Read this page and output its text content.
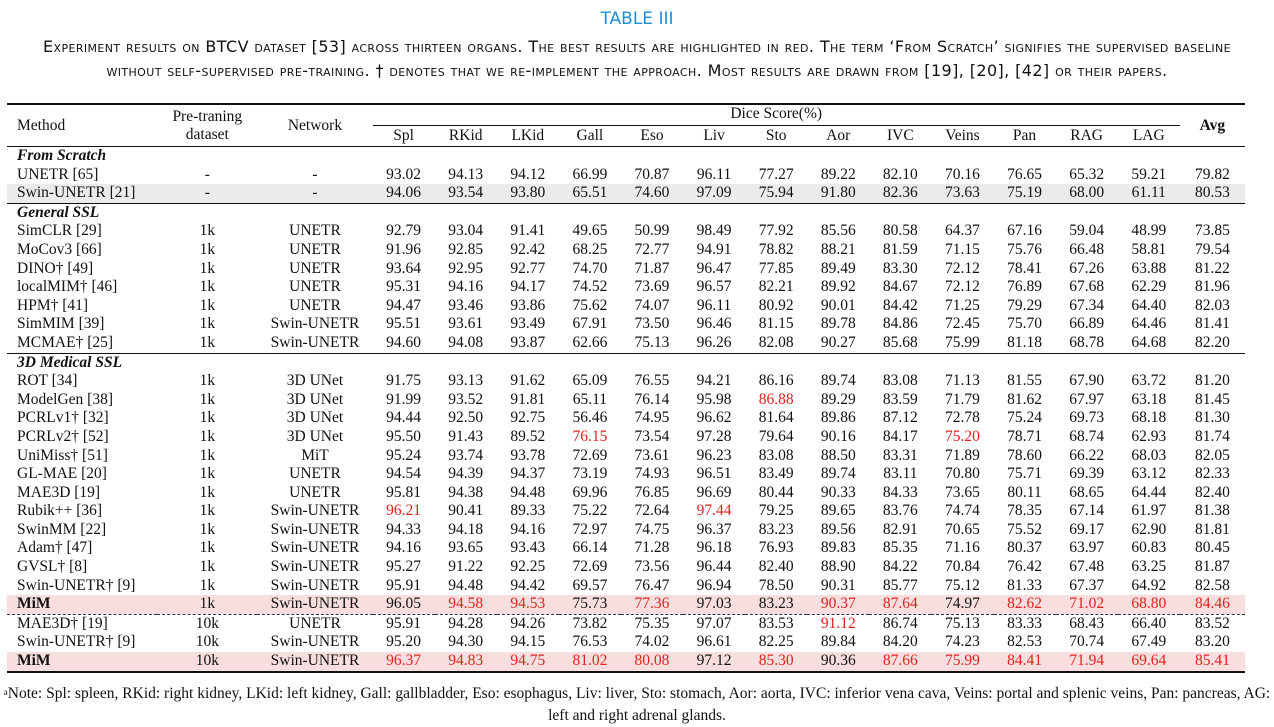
TABLE III
Experiment results on BTCV dataset [53] across thirteen organs. The best results are highlighted in red. The term ‘From Scratch’ signifies the supervised baseline without self-supervised pre-training. † denotes that we re-implement the approach. Most results are drawn from [19], [20], [42] or their papers.
Method	Pre-traning dataset	Network	Dice Score(%)													Avg
			Spl	RKid	LKid	Gall	Eso	Liv	Sto	Aor	IVC	Veins	Pan	RAG	LAG	
From Scratch																
UNETR [65]	-	-	93.02	94.13	94.12	66.99	70.87	96.11	77.27	89.22	82.10	70.16	76.65	65.32	59.21	79.82
Swin-UNETR [21]	-	-	94.06	93.54	93.80	65.51	74.60	97.09	75.94	91.80	82.36	73.63	75.19	68.00	61.11	80.53
General SSL																
SimCLR [29]	1k	UNETR	92.79	93.04	91.41	49.65	50.99	98.49	77.92	85.56	80.58	64.37	67.16	59.04	48.99	73.85
MoCov3 [66]	1k	UNETR	91.96	92.85	92.42	68.25	72.77	94.91	78.82	88.21	81.59	71.15	75.76	66.48	58.81	79.54
DINO† [49]	1k	UNETR	93.64	92.95	92.77	74.70	71.87	96.47	77.85	89.49	83.30	72.12	78.41	67.26	63.88	81.22
localMIM† [46]	1k	UNETR	95.31	94.16	94.17	74.52	73.69	96.57	82.21	89.92	84.67	72.12	76.89	67.68	62.29	81.96
HPM† [41]	1k	UNETR	94.47	93.46	93.86	75.62	74.07	96.11	80.92	90.01	84.42	71.25	79.29	67.34	64.40	82.03
SimMIM [39]	1k	Swin-UNETR	95.51	93.61	93.49	67.91	73.50	96.46	81.15	89.78	84.86	72.45	75.70	66.89	64.46	81.41
MCMAE† [25]	1k	Swin-UNETR	94.60	94.08	93.87	62.66	75.13	96.26	82.08	90.27	85.68	75.99	81.18	68.78	64.68	82.20
3D Medical SSL																
ROT [34]	1k	3D UNet	91.75	93.13	91.62	65.09	76.55	94.21	86.16	89.74	83.08	71.13	81.55	67.90	63.72	81.20
ModelGen [38]	1k	3D UNet	91.99	93.52	91.81	65.11	76.14	95.98	86.88	89.29	83.59	71.79	81.62	67.97	63.18	81.45
PCRLv1† [32]	1k	3D UNet	94.44	92.50	92.75	56.46	74.95	96.62	81.64	89.86	87.12	72.78	75.24	69.73	68.18	81.30
PCRLv2† [52]	1k	3D UNet	95.50	91.43	89.52	76.15	73.54	97.28	79.64	90.16	84.17	75.20	78.71	68.74	62.93	81.74
UniMiss† [51]	1k	MiT	95.24	93.74	93.78	72.69	73.61	96.23	83.08	88.50	83.31	71.89	78.60	66.22	68.03	82.05
GL-MAE [20]	1k	UNETR	94.54	94.39	94.37	73.19	74.93	96.51	83.49	89.74	83.11	70.80	75.71	69.39	63.12	82.33
MAE3D [19]	1k	UNETR	95.81	94.38	94.48	69.96	76.85	96.69	80.44	90.33	84.33	73.65	80.11	68.65	64.44	82.40
Rubik++ [36]	1k	Swin-UNETR	96.21	90.41	89.33	75.22	72.64	97.44	79.25	89.65	83.76	74.74	78.35	67.14	61.97	81.38
SwinMM [22]	1k	Swin-UNETR	94.33	94.18	94.16	72.97	74.75	96.37	83.23	89.56	82.91	70.65	75.52	69.17	62.90	81.81
Adam† [47]	1k	Swin-UNETR	94.16	93.65	93.43	66.14	71.28	96.18	76.93	89.83	85.35	71.16	80.37	63.97	60.83	80.45
GVSL† [8]	1k	Swin-UNETR	95.27	91.22	92.25	72.69	73.56	96.44	82.40	88.90	84.22	70.84	76.42	67.48	63.25	81.87
Swin-UNETR† [9]	1k	Swin-UNETR	95.91	94.48	94.42	69.57	76.47	96.94	78.50	90.31	85.77	75.12	81.33	67.37	64.92	82.58
MiM	1k	Swin-UNETR	96.05	94.58	94.53	75.73	77.36	97.03	83.23	90.37	87.64	74.97	82.62	71.02	68.80	84.46
MAE3D† [19]	10k	UNETR	95.91	94.28	94.26	73.82	75.35	97.07	83.53	91.12	86.74	75.13	83.33	68.43	66.40	83.52
Swin-UNETR† [9]	10k	Swin-UNETR	95.20	94.30	94.15	76.53	74.02	96.61	82.25	89.84	84.20	74.23	82.53	70.74	67.49	83.20
MiM	10k	Swin-UNETR	96.37	94.83	94.75	81.02	80.08	97.12	85.30	90.36	87.66	75.99	84.41	71.94	69.64	85.41
$^a$Note: Spl: spleen, RKid: right kidney, LKid: left kidney, Gall: gallbladder, Eso: esophagus, Liv: liver, Sto: stomach, Aor: aorta, IVC: inferior vena cava, Veins: portal and splenic veins, Pan: pancreas, AG: left and right adrenal glands.
